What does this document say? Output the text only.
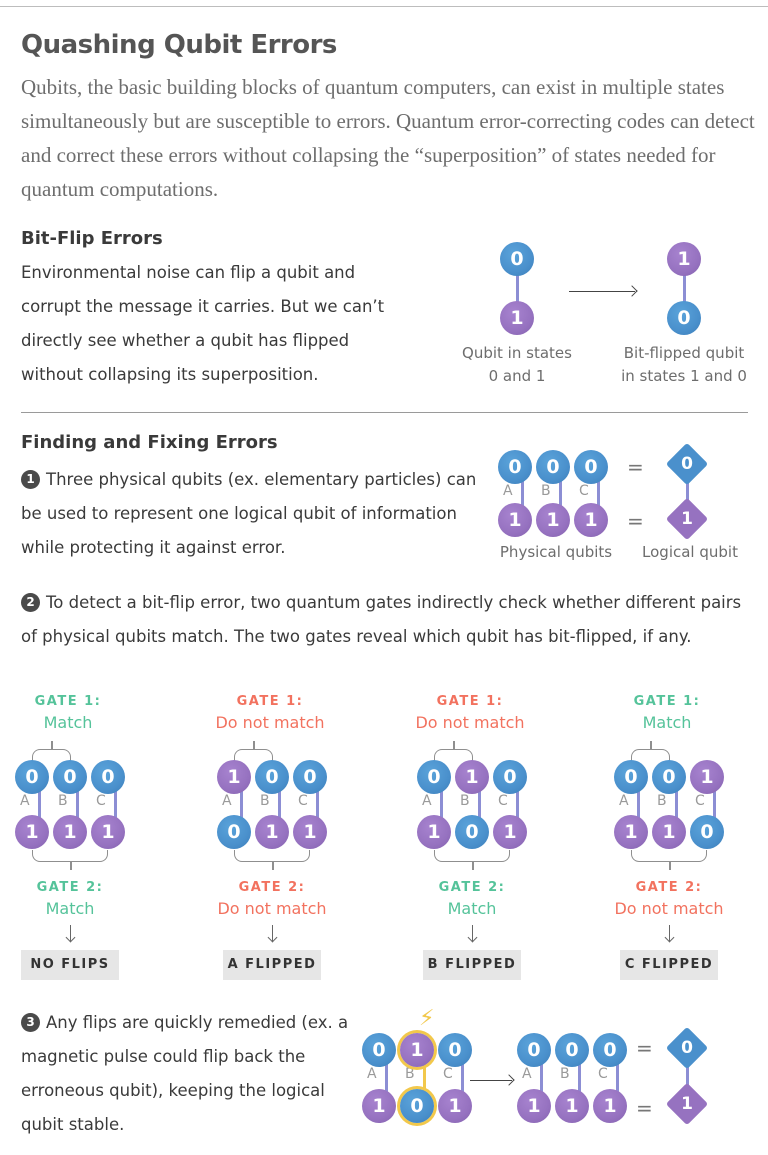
Quashing Qubit Errors
Qubits, the basic building blocks of quantum computers, can exist in multiple states simultaneously but are susceptible to errors. Quantum error-correcting codes can detect and correct these errors without collapsing the “superposition” of states needed for quantum computations.
Bit-Flip Errors
Environmental noise can flip a qubit and corrupt the message it carries. But we can’t directly see whether a qubit has flipped without collapsing its superposition.
0
1
Qubit in states
0 and 1
1
0
Bit-flipped qubit
in states 1 and 0
Finding and Fixing Errors
1 Three physical qubits (ex. elementary particles) can be used to represent one logical qubit of information while protecting it against error.
A
0
1
B
0
1
C
0
1
=
=
0
1
Physical qubits	Logical qubit
2 To detect a bit-flip error, two quantum gates indirectly check whether different pairs of physical qubits match. The two gates reveal which qubit has bit-flipped, if any.
GATE 1:
Match
A
0
1
B
0
1
C
0
1
GATE 2:
Match
NO FLIPS
GATE 1:
Do not match
A
1
0
B
0
1
C
0
1
GATE 2:
Do not match
A FLIPPED
GATE 1:
Do not match
A
0
1
B
1
0
C
0
1
GATE 2:
Match
B FLIPPED
GATE 1:
Match
A
0
1
B
0
1
C
1
0
GATE 2:
Do not match
C FLIPPED
3 Any flips are quickly remedied (ex. a magnetic pulse could flip back the erroneous qubit), keeping the logical qubit stable.
A
0
1
B
1
0
C
0
1
A
0
1
B
0
1
C
0
1
⚡
=
=
0
1
